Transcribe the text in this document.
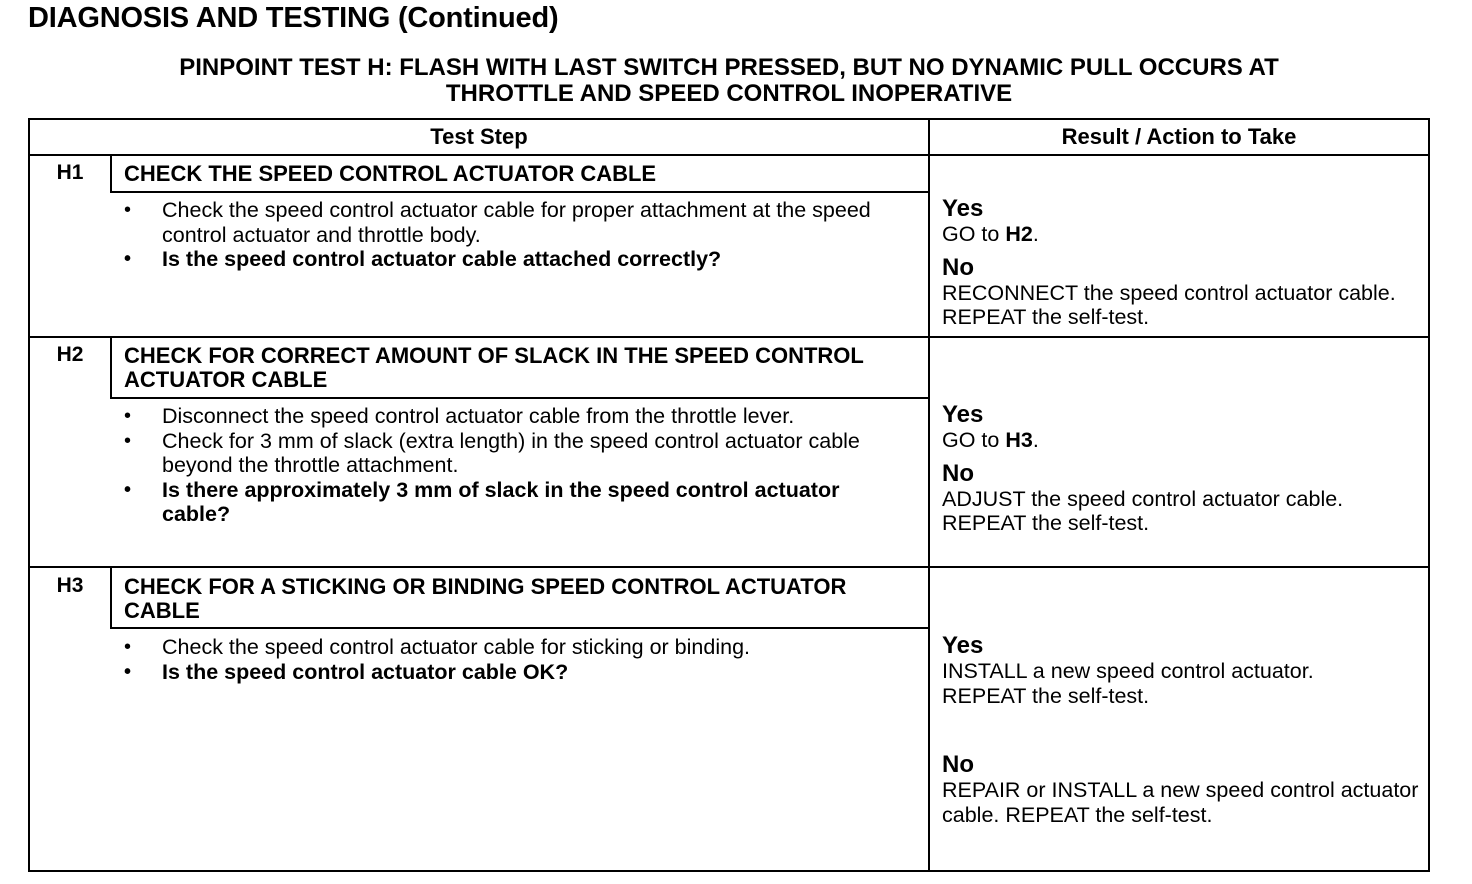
DIAGNOSIS AND TESTING (Continued)
PINPOINT TEST H: FLASH WITH LAST SWITCH PRESSED, BUT NO DYNAMIC PULL OCCURS AT
THROTTLE AND SPEED CONTROL INOPERATIVE
Test Step	Result / Action to Take
H1	CHECK THE SPEED CONTROL ACTUATOR CABLE
• Check the speed control actuator cable for proper attachment at the speed control actuator and throttle body.
• Is the speed control actuator cable attached correctly?
Yes
GO to H2.
No
RECONNECT the speed control actuator cable. REPEAT the self-test.
H2	CHECK FOR CORRECT AMOUNT OF SLACK IN THE SPEED CONTROL ACTUATOR CABLE
• Disconnect the speed control actuator cable from the throttle lever.
• Check for 3 mm of slack (extra length) in the speed control actuator cable beyond the throttle attachment.
• Is there approximately 3 mm of slack in the speed control actuator cable?
Yes
GO to H3.
No
ADJUST the speed control actuator cable. REPEAT the self-test.
H3	CHECK FOR A STICKING OR BINDING SPEED CONTROL ACTUATOR CABLE
• Check the speed control actuator cable for sticking or binding.
• Is the speed control actuator cable OK?
Yes
INSTALL a new speed control actuator. REPEAT the self-test.
No
REPAIR or INSTALL a new speed control actuator cable. REPEAT the self-test.
